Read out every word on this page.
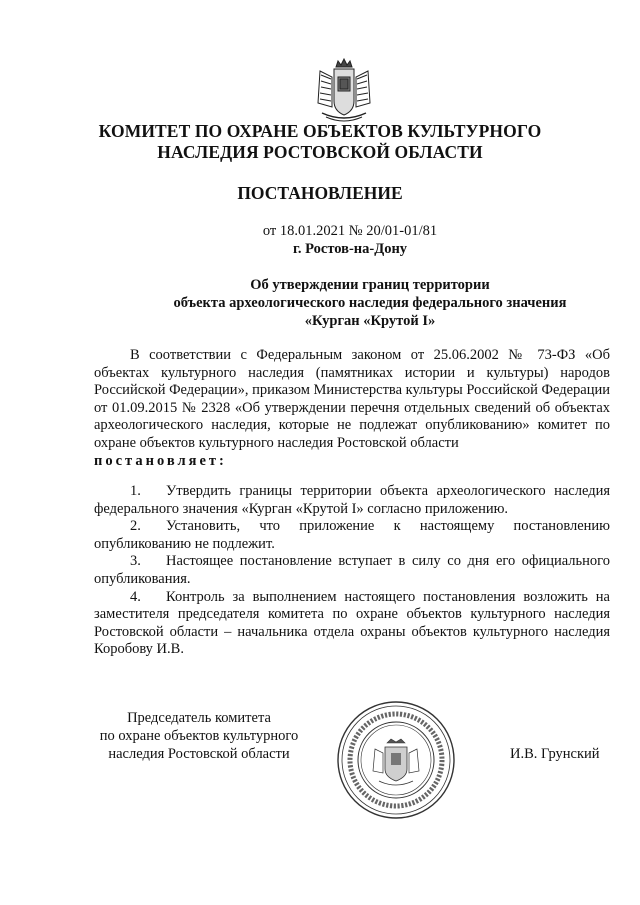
КОМИТЕТ ПО ОХРАНЕ ОБЪЕКТОВ КУЛЬТУРНОГО
НАСЛЕДИЯ РОСТОВСКОЙ ОБЛАСТИ
ПОСТАНОВЛЕНИЕ
от 18.01.2021 № 20/01-01/81
г. Ростов-на-Дону
Об утверждении границ территории
объекта археологического наследия федерального значения
«Курган «Крутой I»

В соответствии с Федеральным законом от 25.06.2002 № 73-ФЗ «Об объектах культурного наследия (памятниках истории и культуры) народов Российской Федерации», приказом Министерства культуры Российской Федерации от 01.09.2015 № 2328 «Об утверждении перечня отдельных сведений об объектах археологического наследия, которые не подлежат опубликованию» комитет по охране объектов культурного наследия Ростовской области

постановляет:

1. Утвердить границы территории объекта археологического наследия федерального значения «Курган «Крутой I» согласно приложению.

2. Установить, что приложение к настоящему постановлению опубликованию не подлежит.

3. Настоящее постановление вступает в силу со дня его официального опубликования.

4. Контроль за выполнением настоящего постановления возложить на заместителя председателя комитета по охране объектов культурного наследия Ростовской области – начальника отдела охраны объектов культурного наследия Коробову И.В.

Председатель комитета
по охране объектов культурного
наследия Ростовской области	И.В. Грунский
